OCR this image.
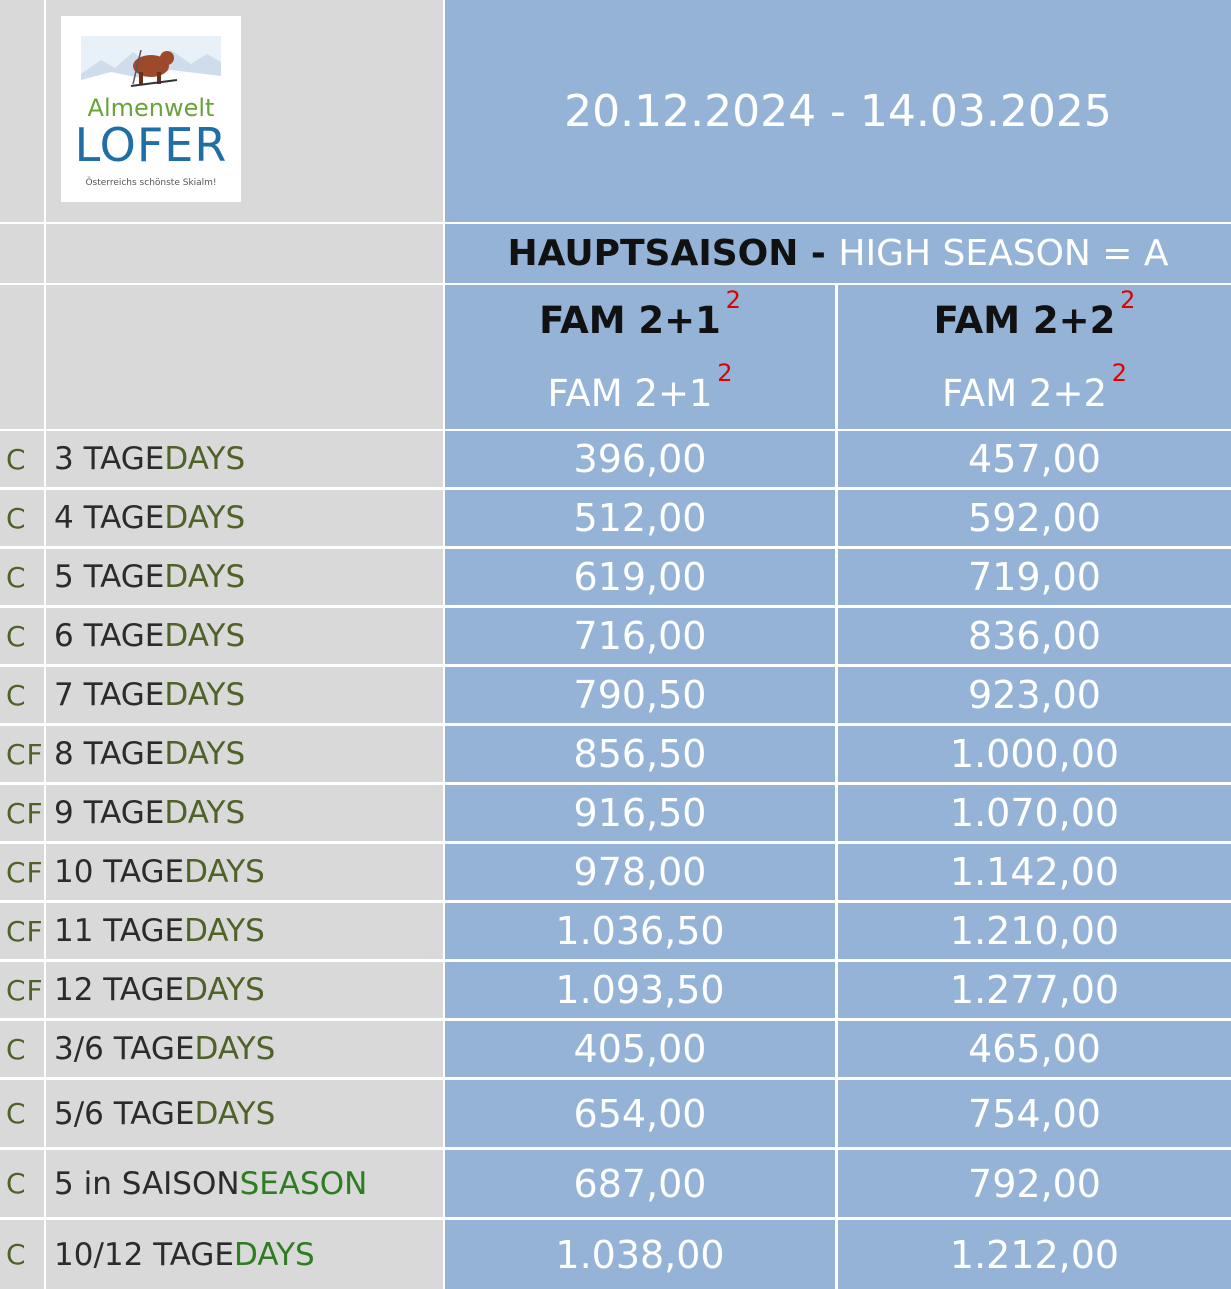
Almenwelt
LOFER
Österreichs schönste Skialm!
20.12.2024 - 14.03.2025
HAUPTSAISON - HIGH SEASON = A
FAM 2+1 2
FAM 2+1 2
FAM 2+2 2
FAM 2+2 2
C 3 TAGE DAYS	396,00	457,00
C 4 TAGE DAYS	512,00	592,00
C 5 TAGE DAYS	619,00	719,00
C 6 TAGE DAYS	716,00	836,00
C 7 TAGE DAYS	790,50	923,00
CF 8 TAGE DAYS	856,50	1.000,00
CF 9 TAGE DAYS	916,50	1.070,00
CF 10 TAGE DAYS	978,00	1.142,00
CF 11 TAGE DAYS	1.036,50	1.210,00
CF 12 TAGE DAYS	1.093,50	1.277,00
C 3/6 TAGE DAYS	405,00	465,00
C 5/6 TAGE DAYS	654,00	754,00
C 5 in SAISON SEASON	687,00	792,00
C 10/12 TAGE DAYS	1.038,00	1.212,00
